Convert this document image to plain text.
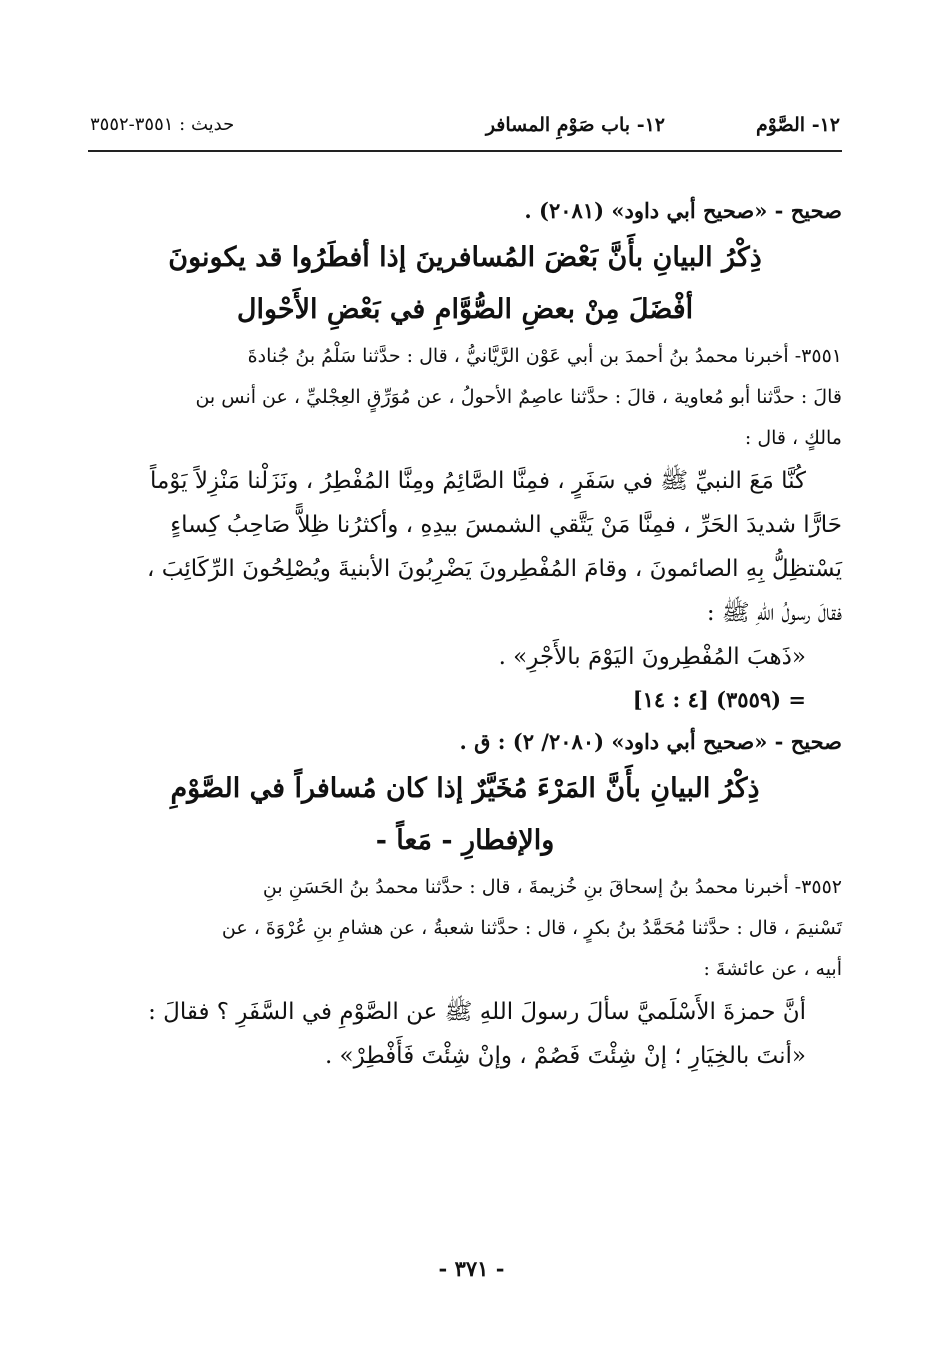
١٢- الصَّوْم
١٢- باب صَوْمِ المسافر
حديث : ٣٥٥١-٣٥٥٢
صحيح - «صحيح أبي داود» (٢٠٨١) .
ذِكْرُ البيانِ بأَنَّ بَعْضَ المُسافرينَ إذا أفطَرُوا قد يكونونَ
أفْضَلَ مِنْ بعضِ الصُّوَّامِ في بَعْضِ الأَحْوال
٣٥٥١- أخبرنا محمدُ بنُ أحمدَ بن أبي عَوْن الرَّيَّانيُّ ، قال : حدَّثنا سَلْمُ بنُ جُنادةَ
قالَ : حدَّثنا أبو مُعاوية ، قالَ : حدَّثنا عاصِمٌ الأحولُ ، عن مُوَرِّقٍ العِجْليِّ ، عن أنس بن
مالكٍ ، قال :
كُنَّا مَعَ النبيِّ ﷺ في سَفَرٍ ، فمِنَّا الصَّائِمُ ومِنَّا المُفْطِرُ ، ونَزَلْنا مَنْزِلاً يَوْماً
حَارًّا شديدَ الحَرِّ ، فمِنَّا مَنْ يَتَّقي الشمسَ بيدِهِ ، وأكثرُنا ظِلاًّ صَاحِبُ كِساءٍ
يَسْتظِلُّ بِهِ الصائمونَ ، وقامَ المُفْطِرونَ يَضْرِبُونَ الأبنيةَ ويُصْلِحُونَ الرِّكَائِبَ ،
فقالَ رسولُ اللهِ ﷺ :
«ذَهبَ المُفْطِرونَ اليَوْمَ بالأَجْرِ» .
= (٣٥٥٩) [٤ : ١٤]
صحيح - «صحيح أبي داود» (٢٠٨٠/ ٢) : ق .
ذِكْرُ البيانِ بأَنَّ المَرْءَ مُخَيَّرٌ إذا كان مُسافراً في الصَّوْمِ
والإفطارِ - مَعاً -
٣٥٥٢- أخبرنا محمدُ بنُ إسحاقَ بنِ خُزيمةَ ، قال : حدَّثنا محمدُ بنُ الحَسَنِ بنِ
تَسْنيمَ ، قال : حدَّثنا مُحَمَّدُ بنُ بكرٍ ، قال : حدَّثنا شعبةُ ، عن هشامِ بنِ عُرْوَةَ ، عن
أبيه ، عن عائشةَ :
أنَّ حمزةَ الأَسْلَميَّ سألَ رسولَ اللهِ ﷺ عن الصَّوْمِ في السَّفَرِ ؟ فقالَ :
«أنتَ بالخِيَارِ ؛ إنْ شِئْتَ فَصُمْ ، وإنْ شِئْتَ فَأَفْطِرْ» .
- ٣٧١ -
